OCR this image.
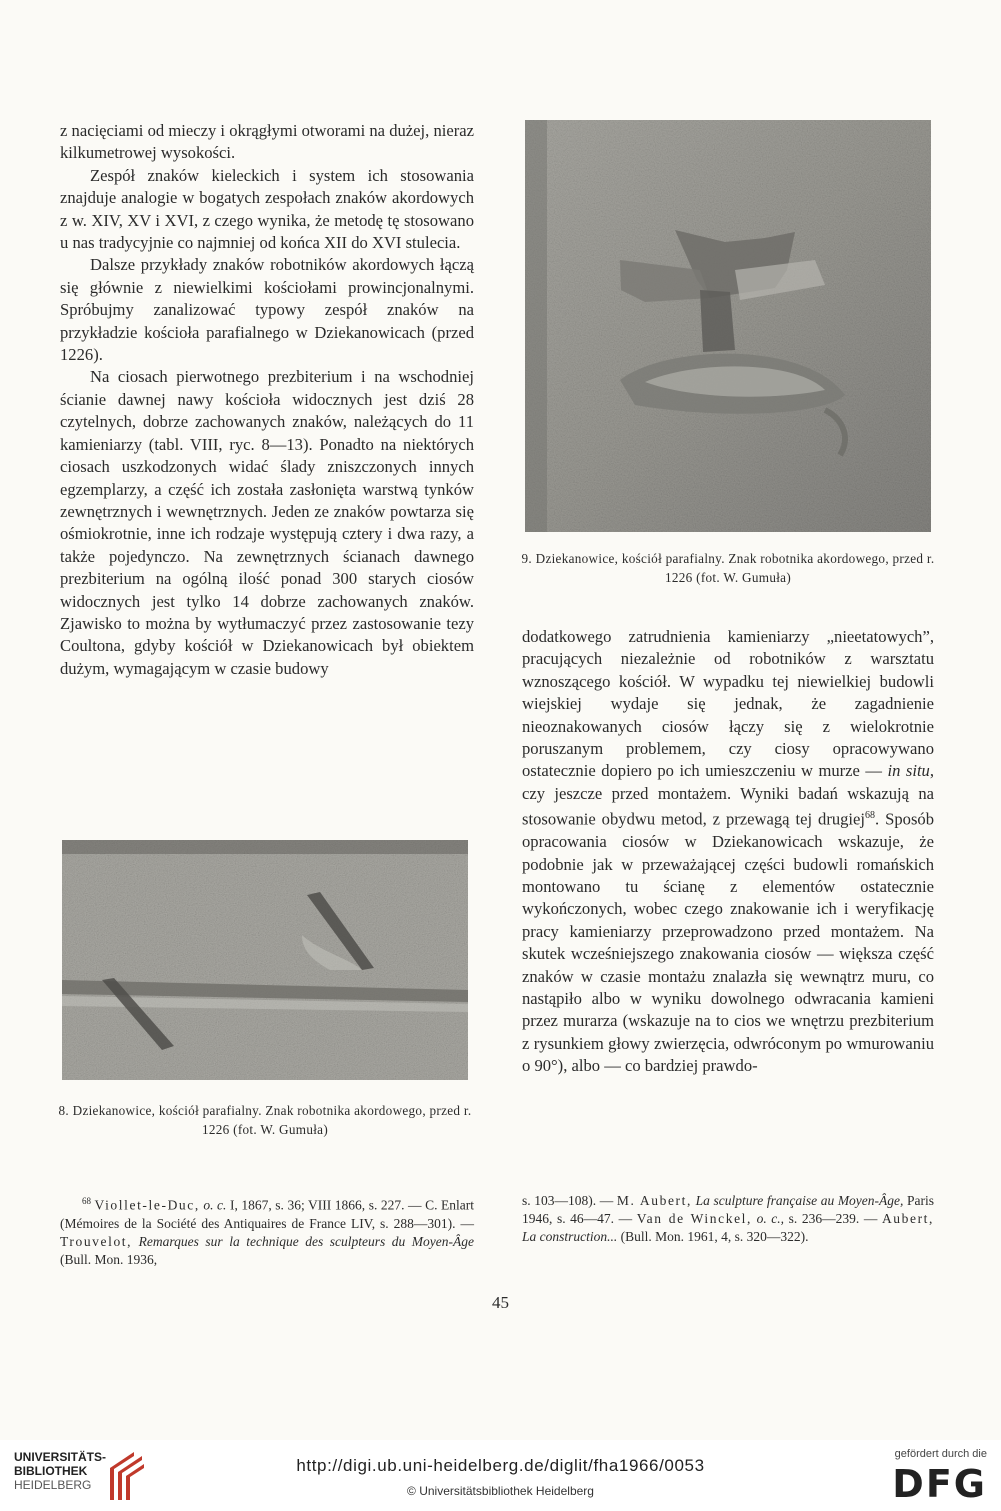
z nacięciami od mieczy i okrągłymi otworami na dużej, nieraz kilkumetrowej wysokości.

Zespół znaków kieleckich i system ich stosowania znajduje analogie w bogatych zespołach znaków akordowych z w. XIV, XV i XVI, z czego wynika, że metodę tę stosowano u nas tradycyjnie co najmniej od końca XII do XVI stulecia.

Dalsze przykłady znaków robotników akordowych łączą się głównie z niewielkimi kościołami prowincjonalnymi. Spróbujmy zanalizować typowy zespół znaków na przykładzie kościoła parafialnego w Dziekanowicach (przed 1226).

Na ciosach pierwotnego prezbiterium i na wschodniej ścianie dawnej nawy kościoła widocznych jest dziś 28 czytelnych, dobrze zachowanych znaków, należących do 11 kamieniarzy (tabl. VIII, ryc. 8—13). Ponadto na niektórych ciosach uszkodzonych widać ślady zniszczonych innych egzemplarzy, a część ich została zasłonięta warstwą tynków zewnętrznych i wewnętrznych. Jeden ze znaków powtarza się ośmiokrotnie, inne ich rodzaje występują cztery i dwa razy, a także pojedynczo. Na zewnętrznych ścianach dawnego prezbiterium na ogólną ilość ponad 300 starych ciosów widocznych jest tylko 14 dobrze zachowanych znaków. Zjawisko to można by wytłumaczyć przez zastosowanie tezy Coultona, gdyby kościół w Dziekanowicach był obiektem dużym, wymagającym w czasie budowy

9. Dziekanowice, kościół parafialny. Znak robotnika akordowego, przed r. 1226 (fot. W. Gumuła)

dodatkowego zatrudnienia kamieniarzy „nieetatowych”, pracujących niezależnie od robotników z warsztatu wznoszącego kościół. W wypadku tej niewielkiej budowli wiejskiej wydaje się jednak, że zagadnienie nieoznakowanych ciosów łączy się z wielokrotnie poruszanym problemem, czy ciosy opracowywano ostatecznie dopiero po ich umieszczeniu w murze — in situ, czy jeszcze przed montażem. Wyniki badań wskazują na stosowanie obydwu metod, z przewagą tej drugiej$^{68}$. Sposób opracowania ciosów w Dziekanowicach wskazuje, że podobnie jak w przeważającej części budowli romańskich montowano tu ścianę z elementów ostatecznie wykończonych, wobec czego znakowanie ich i weryfikację pracy kamieniarzy przeprowadzono przed montażem. Na skutek wcześniejszego znakowania ciosów — większa część znaków w czasie montażu znalazła się wewnątrz muru, co nastąpiło albo w wyniku dowolnego odwracania kamieni przez murarza (wskazuje na to cios we wnętrzu prezbiterium z rysunkiem głowy zwierzęcia, odwróconym po wmurowaniu o 90°), albo — co bardziej prawdo-

8. Dziekanowice, kościół parafialny. Znak robotnika akordowego, przed r. 1226 (fot. W. Gumuła)
$^{68}$ Viollet-le-Duc, o. c. I, 1867, s. 36; VIII 1866, s. 227. — C. Enlart (Mémoires de la Société des Antiquaires de France LIV, s. 288—301). — Trouvelot, Remarques sur la technique des sculpteurs du Moyen-Âge (Bull. Mon. 1936,
s. 103—108). — M. Aubert, La sculpture française au Moyen-Âge, Paris 1946, s. 46—47. — Van de Winckel, o. c., s. 236—239. — Aubert, La construction... (Bull. Mon. 1961, 4, s. 320—322).
45
UNIVERSITÄTS-
BIBLIOTHEK
HEIDELBERG
http://digi.ub.uni-heidelberg.de/diglit/fha1966/0053
© Universitätsbibliothek Heidelberg
gefördert durch die
DFG
